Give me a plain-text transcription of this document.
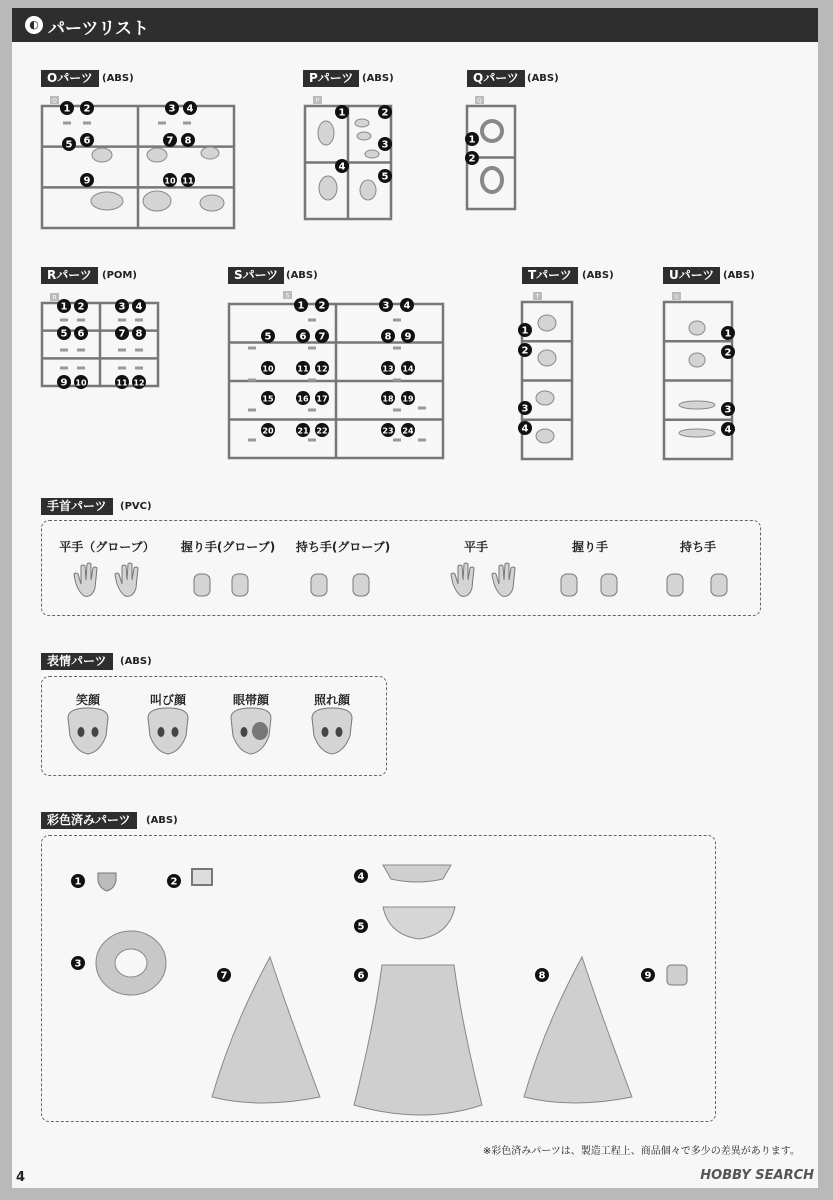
◐ パーツリスト
Oパーツ (ABS)	Pパーツ (ABS)	Qパーツ (ABS)
Rパーツ	(POM)	Sパーツ (ABS)	Tパーツ	(ABS)	Uパーツ (ABS)
手首パーツ	(PVC)
表情パーツ	(ABS)
彩色済みパーツ	(ABS)
O
1 2	3 4
5 6	7 8
9	10 11
P
1	2
3
4
5
Q
1
2
R
1 2	3 4
5 6	7 8
9 10	11 12
S
1 2	3 4
5	6 7	8 9
10	11 12	13 14
15	16 17	18 19
20	21 22	23 24
T
1
2
3
4
U
1
2
3
4
平手（グローブ） 握り手(グローブ) 持ち手(グローブ)	平手	握り手	持ち手
笑顔	叫び顔	眼帯顔	照れ顔
1	2
3
4
5
6
7	8	9
※彩色済みパーツは、製造工程上、商品個々で多少の差異があります。
4	HOBBY SEARCH
